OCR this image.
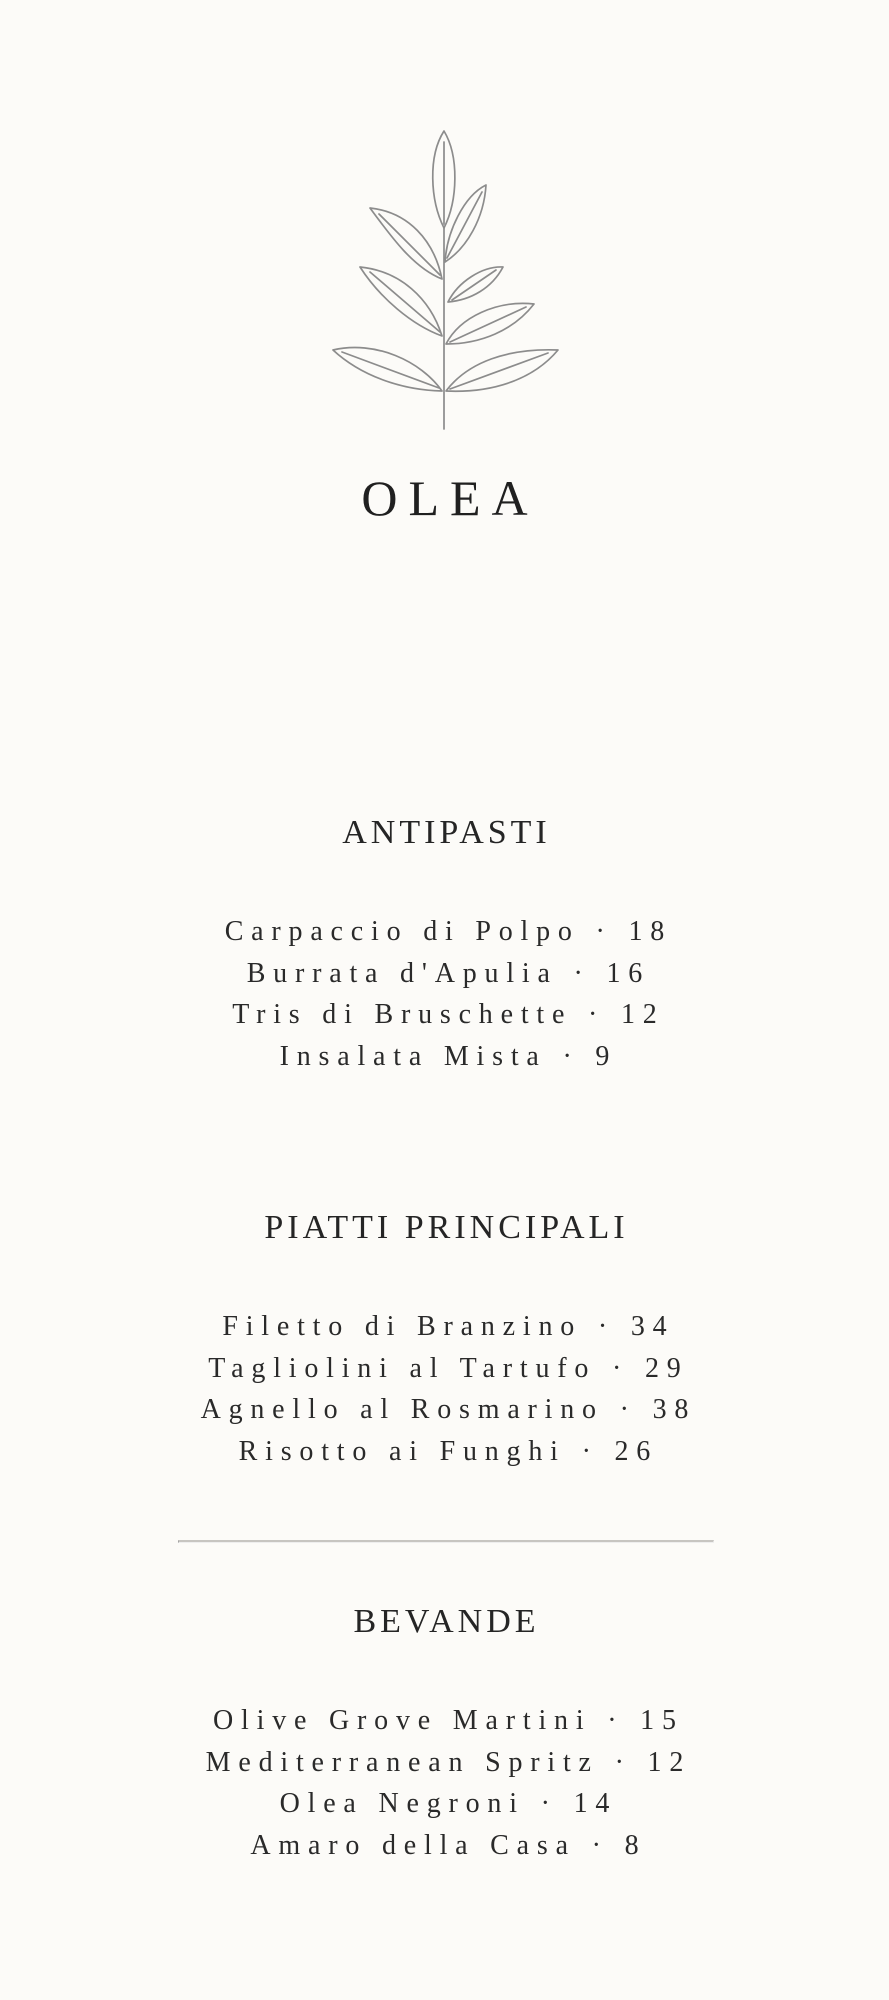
OLEA
ANTIPASTI
Carpaccio di Polpo · 18
Burrata d'Apulia · 16
Tris di Bruschette · 12
Insalata Mista · 9
PIATTI PRINCIPALI
Filetto di Branzino · 34
Tagliolini al Tartufo · 29
Agnello al Rosmarino · 38
Risotto ai Funghi · 26
BEVANDE
Olive Grove Martini · 15
Mediterranean Spritz · 12
Olea Negroni · 14
Amaro della Casa · 8
